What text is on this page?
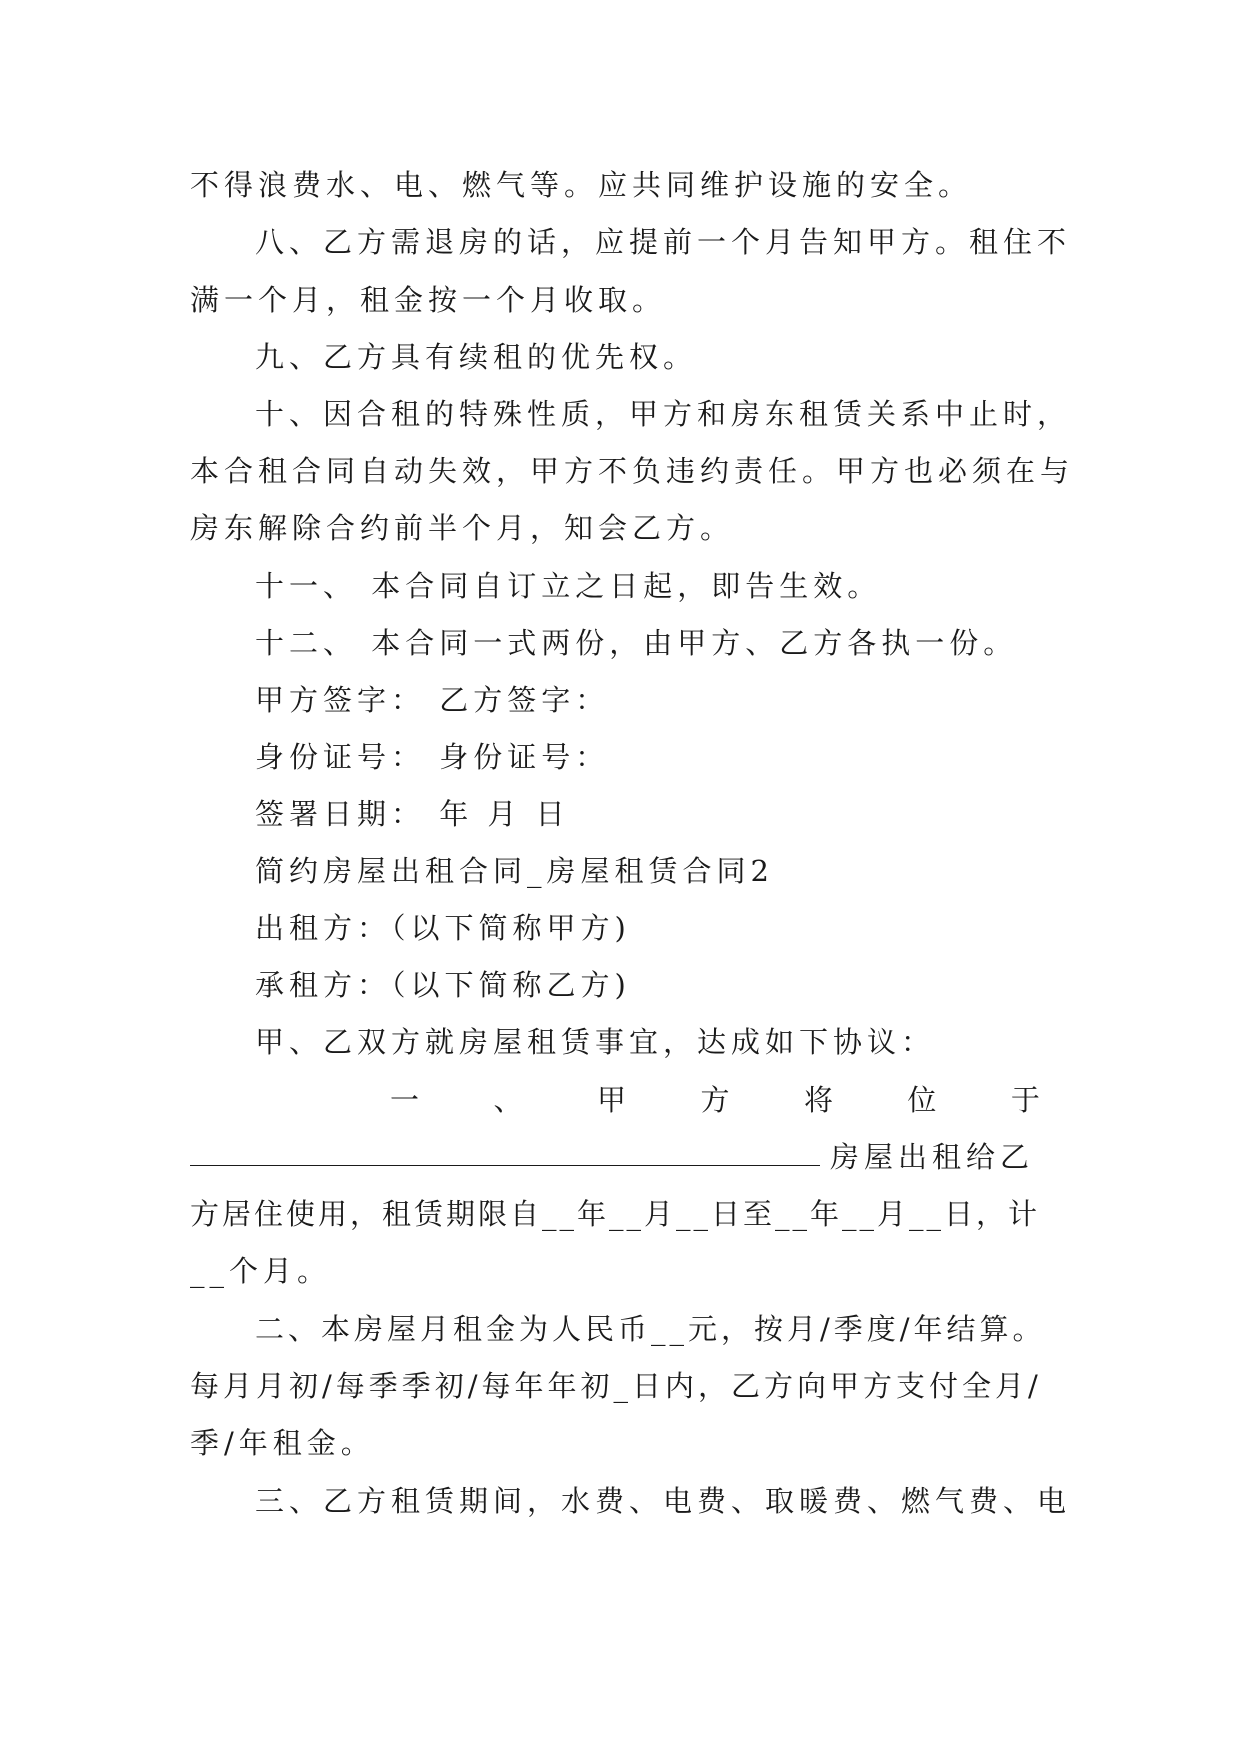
不得浪费水、电、燃气等。应共同维护设施的安全。
八、乙方需退房的话，应提前一个月告知甲方。租住不
满一个月，租金按一个月收取。
九、乙方具有续租的优先权。
十、因合租的特殊性质，甲方和房东租赁关系中止时，
本合租合同自动失效，甲方不负违约责任。甲方也必须在与
房东解除合约前半个月，知会乙方。
十一、 本合同自订立之日起，即告生效。
十二、 本合同一式两份，由甲方、乙方各执一份。
甲方签字： 乙方签字：
身份证号： 身份证号：
签署日期： 年 月 日
简约房屋出租合同_房屋租赁合同2
出租方：（以下简称甲方)
承租方：（以下简称乙方)
甲、乙双方就房屋租赁事宜，达成如下协议：
一	、	甲	方	将	位	于
房屋出租给乙
方居住使用，租赁期限自__年__月__日至__年__月__日，计
__个月。
二、本房屋月租金为人民币__元，按月/季度/年结算。
每月月初/每季季初/每年年初_日内，乙方向甲方支付全月/
季/年租金。
三、乙方租赁期间，水费、电费、取暖费、燃气费、电
